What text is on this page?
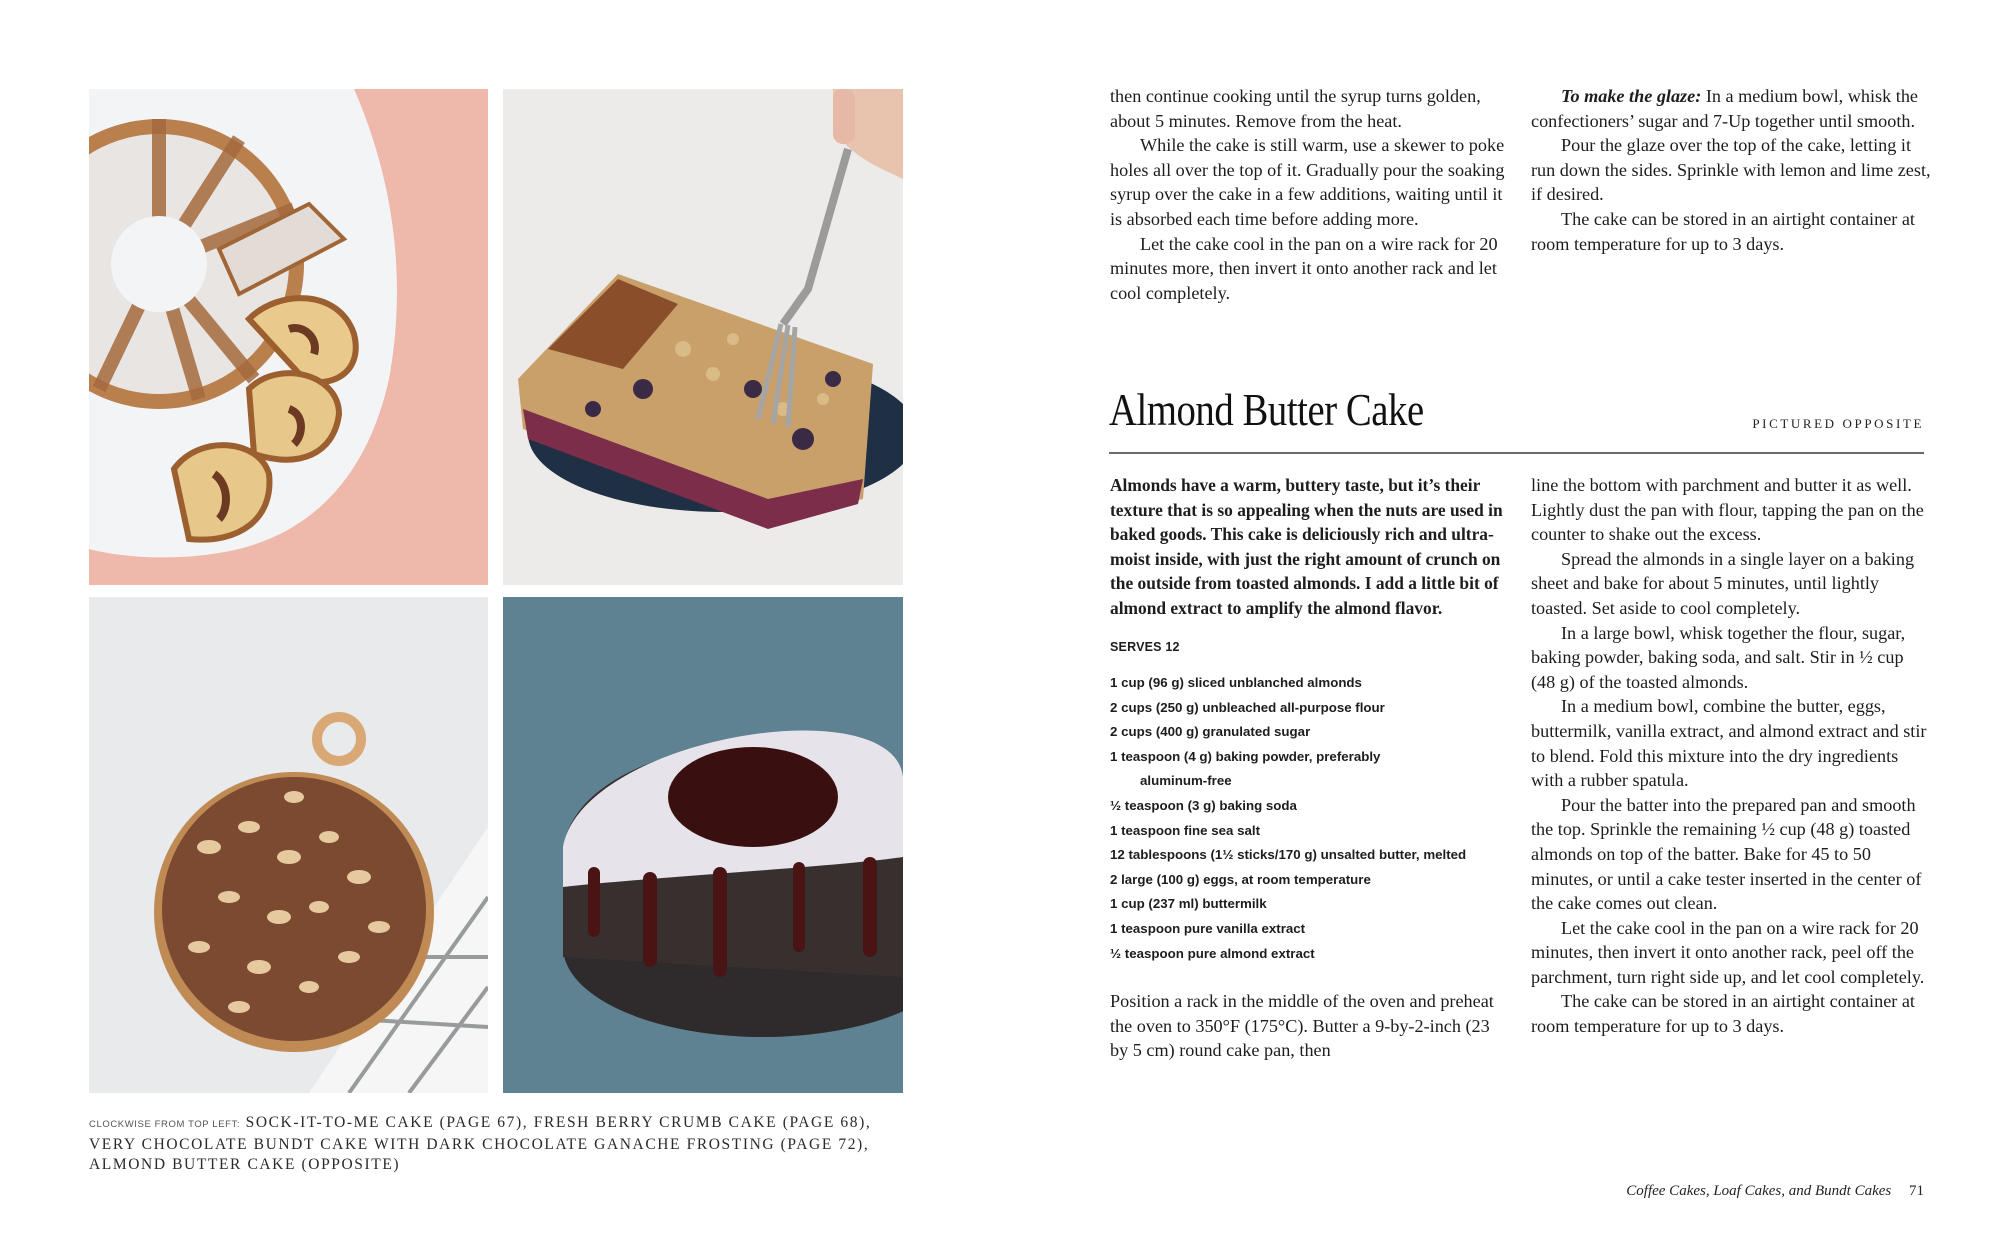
CLOCKWISE FROM TOP LEFT: SOCK-IT-TO-ME CAKE (PAGE 67), FRESH BERRY CRUMB CAKE (PAGE 68), VERY CHOCOLATE BUNDT CAKE WITH DARK CHOCOLATE GANACHE FROSTING (PAGE 72), ALMOND BUTTER CAKE (OPPOSITE)

then continue cooking until the syrup turns golden, about 5 minutes. Remove from the heat.

While the cake is still warm, use a skewer to poke holes all over the top of it. Gradually pour the soaking syrup over the cake in a few additions, waiting until it is absorbed each time before adding more.

Let the cake cool in the pan on a wire rack for 20 minutes more, then invert it onto another rack and let cool completely.

To make the glaze: In a medium bowl, whisk the confectioners’ sugar and 7-Up together until smooth.

Pour the glaze over the top of the cake, letting it run down the sides. Sprinkle with lemon and lime zest, if desired.

The cake can be stored in an airtight container at room temperature for up to 3 days.

Almond Butter Cake	PICTURED OPPOSITE

Almonds have a warm, buttery taste, but it’s their texture that is so appealing when the nuts are used in baked goods. This cake is deliciously rich and ultra-moist inside, with just the right amount of crunch on the outside from toasted almonds. I add a little bit of almond extract to amplify the almond flavor.

SERVES 12
1 cup (96 g) sliced unblanched almonds
2 cups (250 g) unbleached all-purpose flour
2 cups (400 g) granulated sugar
1 teaspoon (4 g) baking powder, preferably
aluminum-free
½ teaspoon (3 g) baking soda
1 teaspoon fine sea salt
12 tablespoons (1½ sticks/170 g) unsalted butter, melted
2 large (100 g) eggs, at room temperature
1 cup (237 ml) buttermilk
1 teaspoon pure vanilla extract
½ teaspoon pure almond extract

Position a rack in the middle of the oven and preheat the oven to 350°F (175°C). Butter a 9-by-2-inch (23 by 5 cm) round cake pan, then

line the bottom with parchment and butter it as well. Lightly dust the pan with flour, tapping the pan on the counter to shake out the excess.

Spread the almonds in a single layer on a baking sheet and bake for about 5 minutes, until lightly toasted. Set aside to cool completely.

In a large bowl, whisk together the flour, sugar, baking powder, baking soda, and salt. Stir in ½ cup (48 g) of the toasted almonds.

In a medium bowl, combine the butter, eggs, buttermilk, vanilla extract, and almond extract and stir to blend. Fold this mixture into the dry ingredients with a rubber spatula.

Pour the batter into the prepared pan and smooth the top. Sprinkle the remaining ½ cup (48 g) toasted almonds on top of the batter. Bake for 45 to 50 minutes, or until a cake tester inserted in the center of the cake comes out clean.

Let the cake cool in the pan on a wire rack for 20 minutes, then invert it onto another rack, peel off the parchment, turn right side up, and let cool completely.

The cake can be stored in an airtight container at room temperature for up to 3 days.

Coffee Cakes, Loaf Cakes, and Bundt Cakes 71
